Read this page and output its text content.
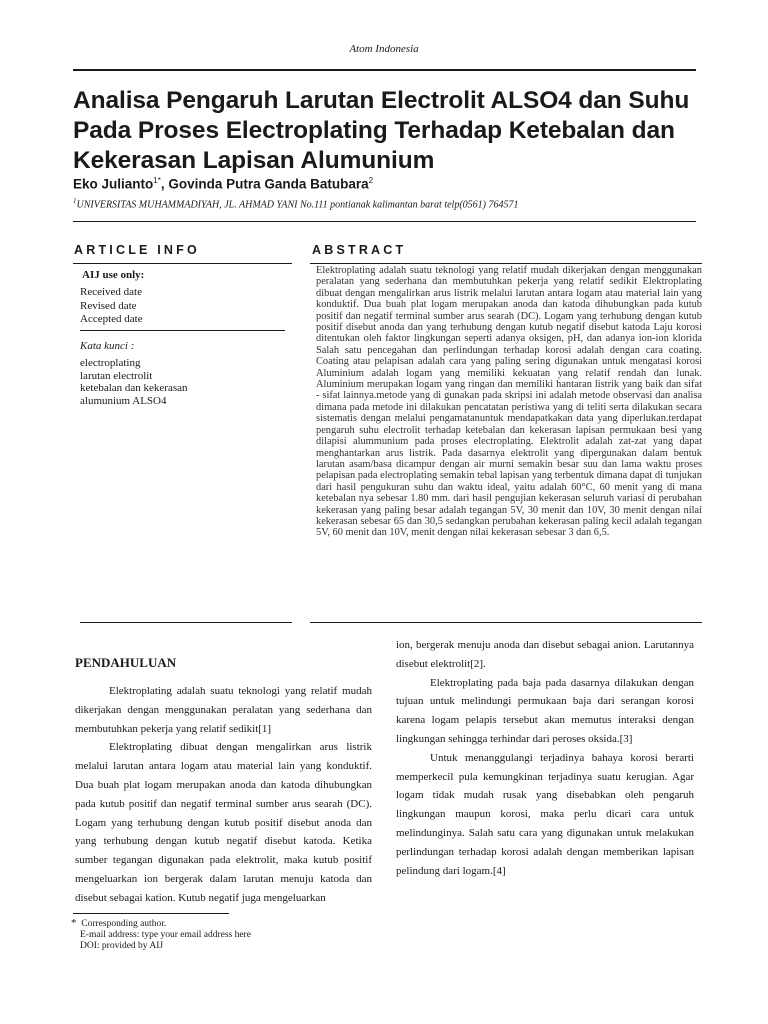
Atom Indonesia
Analisa Pengaruh Larutan Electrolit ALSO4 dan Suhu Pada Proses Electroplating Terhadap Ketebalan dan Kekerasan Lapisan Alumunium
Eko Julianto$^{1*}$, Govinda Putra Ganda Batubara$^2$
$^1$UNIVERSITAS MUHAMMADIYAH, JL. AHMAD YANI No.111 pontianak kalimantan barat telp(0561) 764571
ARTICLE INFO	ABSTRACT
AIJ use only:
Received date
Revised date
Accepted date
Kata kunci :
electroplating
larutan electrolit
ketebalan dan kekerasan
alumunium ALSO4

Elektroplating adalah suatu teknologi yang relatif mudah dikerjakan dengan menggunakan peralatan yang sederhana dan membutuhkan pekerja yang relatif sedikit Elektroplating dibuat dengan mengalirkan arus listrik melalui larutan antara logam atau material lain yang konduktif. Dua buah plat logam merupakan anoda dan katoda dihubungkan pada kutub positif dan negatif terminal sumber arus searah (DC). Logam yang terhubung dengan kutub positif disebut anoda dan yang terhubung dengan kutub negatif disebut katoda Laju korosi ditentukan oleh faktor lingkungan seperti adanya oksigen, pH, dan adanya ion-ion klorida Salah satu pencegahan dan perlindungan terhadap korosi adalah dengan cara coating. Coating atau pelapisan adalah cara yang paling sering digunakan untuk mengatasi korosi Aluminium adalah logam yang memiliki kekuatan yang relatif rendah dan lunak. Aluminium merupakan logam yang ringan dan memiliki hantaran listrik yang baik dan sifat - sifat lainnya.metode yang di gunakan pada skripsi ini adalah metode observasi dan analisa dimana pada metode ini dilakukan pencatatan peristiwa yang di teliti serta dilakukan secara sistematis dengan melalui pengamatanuntuk mendapatkakan data yang diperlukan.terdapat pengaruh suhu electrolit terhadap ketebalan dan kekerasan lapisan permukaan besi yang dilapisi alummunium pada proses electroplating. Elektrolit adalah zat-zat yang dapat menghantarkan arus listrik. Pada dasarnya elektrolit yang dipergunakan dalam bentuk larutan asam/basa dicampur dengan air murni semakin besar suu dan lama waktu proses pelapisan pada electroplating semakin tebal lapisan yang terbentuk dimana dapat di tunjukan dari hasil pengukuran suhu dan waktu ideal, yaitu adalah 60°C, 60 menit yang di mana ketebalan nya sebesar 1.80 mm. dari hasil pengujian kekerasan seluruh variasi di perubahan kekerasan yang paling besar adalah tegangan 5V, 30 menit dan 10V, 30 menit dengan nilai kekerasan sebesar 65 dan 30,5 sedangkan perubahan kekerasan paling kecil adalah tegangan 5V, 60 menit dan 10V, menit dengan nilai kekerasan sebesar 3 dan 6,5.

PENDAHULUAN

Elektroplating adalah suatu teknologi yang relatif mudah dikerjakan dengan menggunakan peralatan yang sederhana dan membutuhkan pekerja yang relatif sedikit[1]

Elektroplating dibuat dengan mengalirkan arus listrik melalui larutan antara logam atau material lain yang konduktif. Dua buah plat logam merupakan anoda dan katoda dihubungkan pada kutub positif dan negatif terminal sumber arus searah (DC). Logam yang terhubung dengan kutub positif disebut anoda dan yang terhubung dengan kutub negatif disebut katoda. Ketika sumber tegangan digunakan pada elektrolit, maka kutub positif mengeluarkan ion bergerak dalam larutan menuju katoda dan disebut sebagai kation. Kutub negatif juga mengeluarkan

ion, bergerak menuju anoda dan disebut sebagai anion. Larutannya disebut elektrolit[2].

Elektroplating pada baja pada dasarnya dilakukan dengan tujuan untuk melindungi permukaan baja dari serangan korosi karena logam pelapis tersebut akan memutus interaksi dengan lingkungan sehingga terhindar dari peroses oksida.[3]

Untuk menanggulangi terjadinya bahaya korosi berarti memperkecil pula kemungkinan terjadinya suatu kerugian. Agar logam tidak mudah rusak yang disebabkan oleh pengaruh lingkungan maupun korosi, maka perlu dicari cara untuk melindunginya. Salah satu cara yang digunakan untuk melakukan perlindungan terhadap korosi adalah dengan memberikan lapisan pelindung dari logam.[4]

* Corresponding author.
E-mail address: type your email address here
DOI: provided by AIJ
